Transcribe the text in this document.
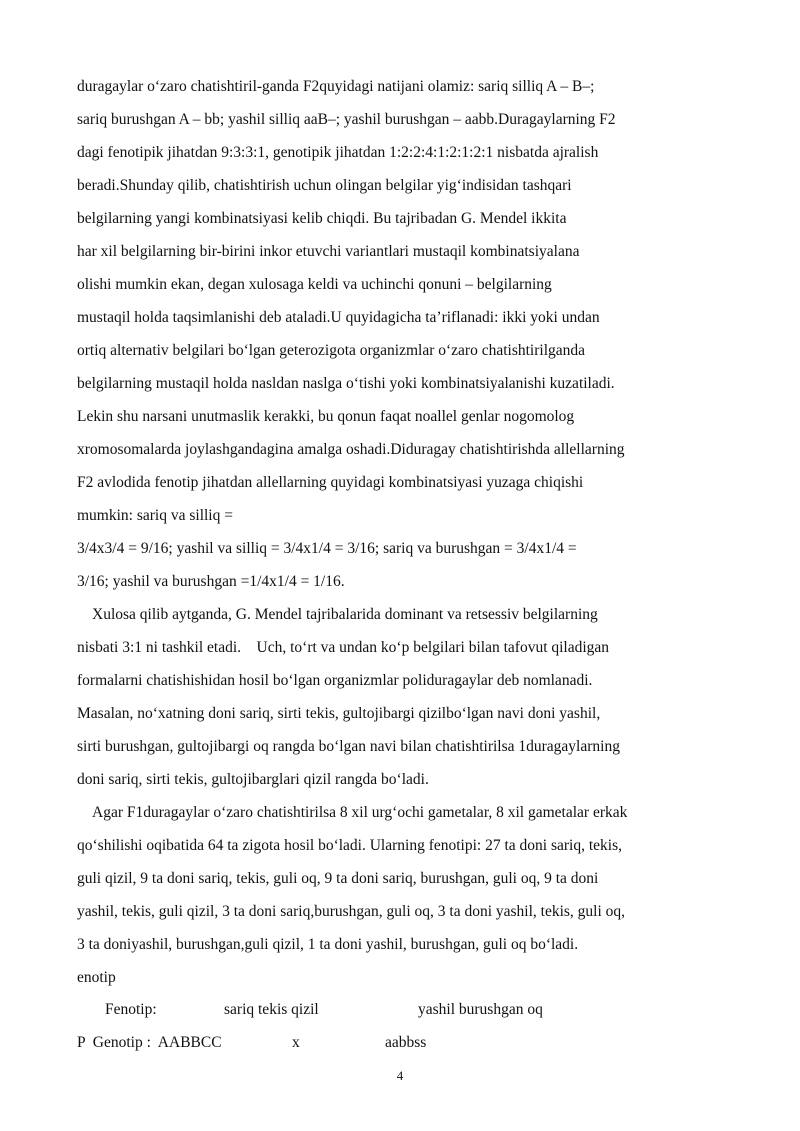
duragaylar o‘zaro chatishtiril-ganda F2quyidagi natijani olamiz: sariq silliq A – B–;
sariq burushgan A – bb; yashil silliq aaB–; yashil burushgan – aabb.Duragaylarning F2
dagi fenotipik jihatdan 9:3:3:1, genotipik jihatdan 1:2:2:4:1:2:1:2:1 nisbatda ajralish
beradi.Shunday qilib, chatishtirish uchun olingan belgilar yig‘indisidan tashqari
belgilarning yangi kombinatsiyasi kelib chiqdi. Bu tajribadan G. Mendel ikkita
har xil belgilarning bir-birini inkor etuvchi variantlari mustaqil kombinatsiyalana
olishi mumkin ekan, degan xulosaga keldi va uchinchi qonuni – belgilarning
mustaqil holda taqsimlanishi deb ataladi.U quyidagicha ta’riflanadi: ikki yoki undan
ortiq alternativ belgilari bo‘lgan geterozigota organizmlar o‘zaro chatishtirilganda
belgilarning mustaqil holda nasldan naslga o‘tishi yoki kombinatsiyalanishi kuzatiladi.
Lekin shu narsani unutmaslik kerakki, bu qonun faqat noallel genlar nogomolog
xromosomalarda joylashgandagina amalga oshadi.Diduragay chatishtirishda allellarning
F2 avlodida fenotip jihatdan allellarning quyidagi kombinatsiyasi yuzaga chiqishi
mumkin: sariq va silliq =
3/4x3/4 = 9/16; yashil va silliq = 3/4x1/4 = 3/16; sariq va burushgan = 3/4x1/4 =
3/16; yashil va burushgan =1/4x1/4 = 1/16.
Xulosa qilib aytganda, G. Mendel tajribalarida dominant va retsessiv belgilarning
nisbati 3:1 ni tashkil etadi.    Uch, to‘rt va undan ko‘p belgilari bilan tafovut qiladigan
formalarni chatishishidan hosil bo‘lgan organizmlar poliduragaylar deb nomlanadi.
Masalan, no‘xatning doni sariq, sirti tekis, gultojibargi qizilbo‘lgan navi doni yashil,
sirti burushgan, gultojibargi oq rangda bo‘lgan navi bilan chatishtirilsa 1duragaylarning
doni sariq, sirti tekis, gultojibarglari qizil rangda bo‘ladi.
Agar F1duragaylar o‘zaro chatishtirilsa 8 xil urg‘ochi gametalar, 8 xil gametalar erkak
qo‘shilishi oqibatida 64 ta zigota hosil bo‘ladi. Ularning fenotipi: 27 ta doni sariq, tekis,
guli qizil, 9 ta doni sariq, tekis, guli oq, 9 ta doni sariq, burushgan, guli oq, 9 ta doni
yashil, tekis, guli qizil, 3 ta doni sariq,burushgan, guli oq, 3 ta doni yashil, tekis, guli oq,
3 ta doniyashil, burushgan,guli qizil, 1 ta doni yashil, burushgan, guli oq bo‘ladi.
enotip
Fenotip:	sariq tekis qizil	yashil burushgan oq
P  Genotip :  AABBCC	x	aabbss
4
